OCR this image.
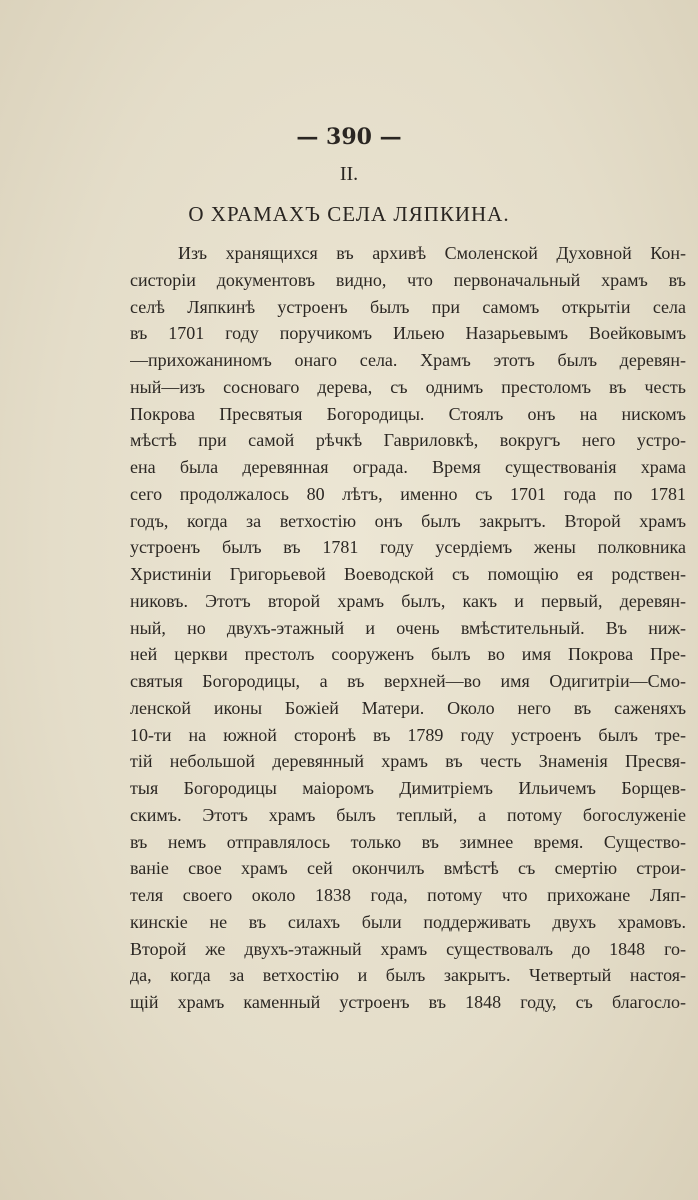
— 390 —
II.
О ХРАМАХЪ СЕЛА ЛЯПКИНА.
Изъ хранящихся въ архивѣ Смоленской Духовной Кон-
систоріи документовъ видно, что первоначальный храмъ въ
селѣ Ляпкинѣ устроенъ былъ при самомъ открытіи села
въ 1701 году поручикомъ Ильею Назарьевымъ Воейковымъ
—прихожаниномъ онаго села. Храмъ этотъ былъ деревян-
ный—изъ сосноваго дерева, съ однимъ престоломъ въ честь
Покрова Пресвятыя Богородицы. Стоялъ онъ на нискомъ
мѣстѣ при самой рѣчкѣ Гавриловкѣ, вокругъ него устро-
ена была деревянная ограда. Время существованія храма
сего продолжалось 80 лѣтъ, именно съ 1701 года по 1781
годъ, когда за ветхостію онъ былъ закрытъ. Второй храмъ
устроенъ былъ въ 1781 году усердіемъ жены полковника
Христиніи Григорьевой Воеводской съ помощію ея родствен-
никовъ. Этотъ второй храмъ былъ, какъ и первый, деревян-
ный, но двухъ-этажный и очень вмѣстительный. Въ ниж-
ней церкви престолъ сооруженъ былъ во имя Покрова Пре-
святыя Богородицы, а въ верхней—во имя Одигитріи—Смо-
ленской иконы Божіей Матери. Около него въ саженяхъ
10-ти на южной сторонѣ въ 1789 году устроенъ былъ тре-
тій небольшой деревянный храмъ въ честь Знаменія Пресвя-
тыя Богородицы маіоромъ Димитріемъ Ильичемъ Борщев-
скимъ. Этотъ храмъ былъ теплый, а потому богослуженіе
въ немъ отправлялось только въ зимнее время. Существо-
ваніе свое храмъ сей окончилъ вмѣстѣ съ смертію строи-
теля своего около 1838 года, потому что прихожане Ляп-
кинскіе не въ силахъ были поддерживать двухъ храмовъ.
Второй же двухъ-этажный храмъ существовалъ до 1848 го-
да, когда за ветхостію и былъ закрытъ. Четвертый настоя-
щій храмъ каменный устроенъ въ 1848 году, съ благосло-
